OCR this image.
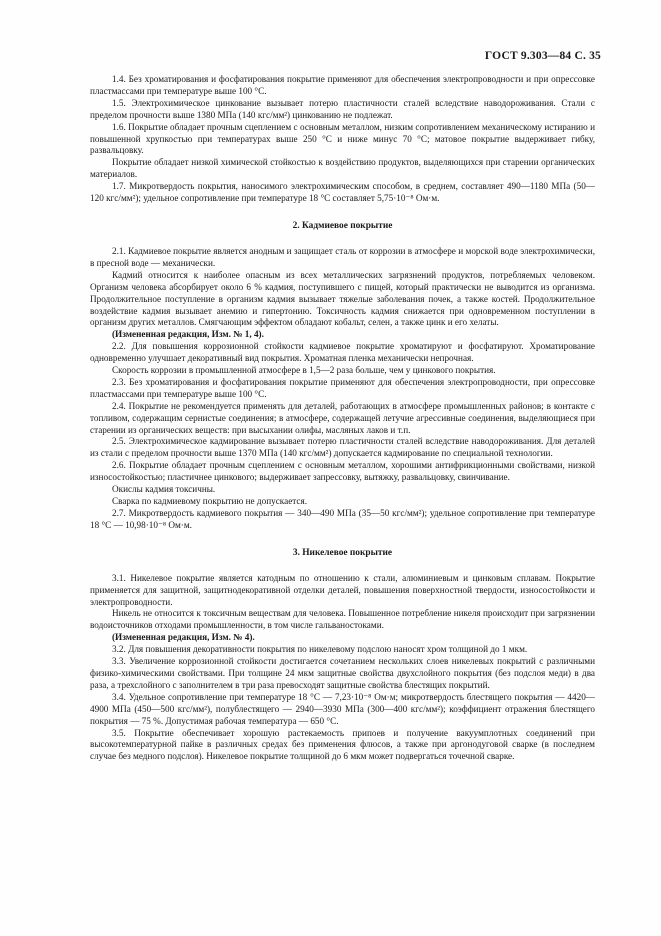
ГОСТ 9.303—84 С. 35

1.4. Без хроматирования и фосфатирования покрытие применяют для обеспечения электропроводности и при опрессовке пластмассами при температуре выше 100 °С.

1.5. Электрохимическое цинкование вызывает потерю пластичности сталей вследствие наводороживания. Стали с пределом прочности выше 1380 МПа (140 кгс/мм²) цинкованию не подлежат.

1.6. Покрытие обладает прочным сцеплением с основным металлом, низким сопротивлением механическому истиранию и повышенной хрупкостью при температурах выше 250 °С и ниже минус 70 °С; матовое покрытие выдерживает гибку, развальцовку.

Покрытие обладает низкой химической стойкостью к воздействию продуктов, выделяющихся при старении органических материалов.

1.7. Микротвердость покрытия, наносимого электрохимическим способом, в среднем, составляет 490—1180 МПа (50—120 кгс/мм²); удельное сопротивление при температуре 18 °С составляет 5,75·10⁻⁸ Ом·м.

2. Кадмиевое покрытие

2.1. Кадмиевое покрытие является анодным и защищает сталь от коррозии в атмосфере и морской воде электрохимически, в пресной воде — механически.

Кадмий относится к наиболее опасным из всех металлических загрязнений продуктов, потребляемых человеком. Организм человека абсорбирует около 6 % кадмия, поступившего с пищей, который практически не выводится из организма. Продолжительное поступление в организм кадмия вызывает тяжелые заболевания почек, а также костей. Продолжительное воздействие кадмия вызывает анемию и гипертонию. Токсичность кадмия снижается при одновременном поступлении в организм других металлов. Смягчающим эффектом обладают кобальт, селен, а также цинк и его хелаты.

(Измененная редакция, Изм. № 1, 4).

2.2. Для повышения коррозионной стойкости кадмиевое покрытие хроматируют и фосфатируют. Хроматирование одновременно улучшает декоративный вид покрытия. Хроматная пленка механически непрочная.

Скорость коррозии в промышленной атмосфере в 1,5—2 раза больше, чем у цинкового покрытия.

2.3. Без хроматирования и фосфатирования покрытие применяют для обеспечения электропроводности, при опрессовке пластмассами при температуре выше 100 °С.

2.4. Покрытие не рекомендуется применять для деталей, работающих в атмосфере промышленных районов; в контакте с топливом, содержащим сернистые соединения; в атмосфере, содержащей летучие агрессивные соединения, выделяющиеся при старении из органических веществ: при высыхании олифы, масляных лаков и т.п.

2.5. Электрохимическое кадмирование вызывает потерю пластичности сталей вследствие наводороживания. Для деталей из стали с пределом прочности выше 1370 МПа (140 кгс/мм²) допускается кадмирование по специальной технологии.

2.6. Покрытие обладает прочным сцеплением с основным металлом, хорошими антифрикционными свойствами, низкой износостойкостью; пластичнее цинкового; выдерживает запрессовку, вытяжку, развальцовку, свинчивание.

Окислы кадмия токсичны.

Сварка по кадмиевому покрытию не допускается.

2.7. Микротвердость кадмиевого покрытия — 340—490 МПа (35—50 кгс/мм²); удельное сопротивление при температуре 18 °С — 10,98·10⁻⁸ Ом·м.

3. Никелевое покрытие

3.1. Никелевое покрытие является катодным по отношению к стали, алюминиевым и цинковым сплавам. Покрытие применяется для защитной, защитнодекоративной отделки деталей, повышения поверхностной твердости, износостойкости и электропроводности.

Никель не относится к токсичным веществам для человека. Повышенное потребление никеля происходит при загрязнении водоисточников отходами промышленности, в том числе гальваностоками.

(Измененная редакция, Изм. № 4).

3.2. Для повышения декоративности покрытия по никелевому подслою наносят хром толщиной до 1 мкм.

3.3. Увеличение коррозионной стойкости достигается сочетанием нескольких слоев никелевых покрытий с различными физико-химическими свойствами. При толщине 24 мкм защитные свойства двухслойного покрытия (без подслоя меди) в два раза, а трехслойного с заполнителем в три раза превосходят защитные свойства блестящих покрытий.

3.4. Удельное сопротивление при температуре 18 °С — 7,23·10⁻⁸ Ом·м; микротвердость блестящего покрытия — 4420—4900 МПа (450—500 кгс/мм²), полублестящего — 2940—3930 МПа (300—400 кгс/мм²); коэффициент отражения блестящего покрытия — 75 %. Допустимая рабочая температура — 650 °С.

3.5. Покрытие обеспечивает хорошую растекаемость припоев и получение вакуумплотных соединений при высокотемпературной пайке в различных средах без применения флюсов, а также при аргонодуговой сварке (в последнем случае без медного подслоя). Никелевое покрытие толщиной до 6 мкм может подвергаться точечной сварке.
